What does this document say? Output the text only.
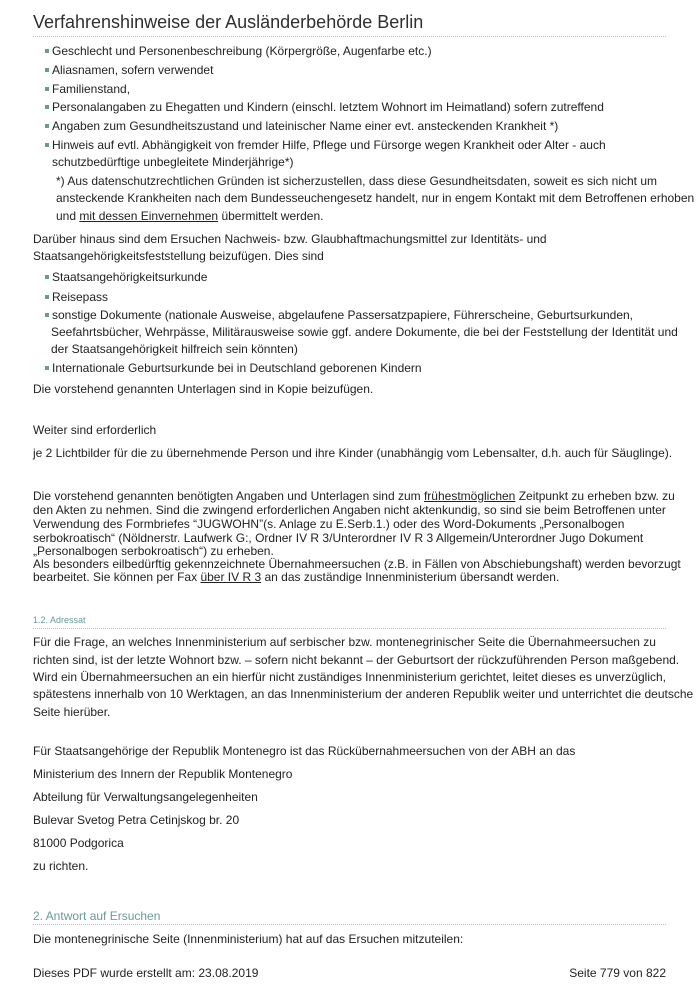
Verfahrenshinweise der Ausländerbehörde Berlin
Geschlecht und Personenbeschreibung (Körpergröße, Augenfarbe etc.)
Aliasnamen, sofern verwendet
Familienstand,
Personalangaben zu Ehegatten und Kindern (einschl. letztem Wohnort im Heimatland) sofern zutreffend
Angaben zum Gesundheitszustand und lateinischer Name einer evt. ansteckenden Krankheit *)
Hinweis auf evtl. Abhängigkeit von fremder Hilfe, Pflege und Fürsorge wegen Krankheit oder Alter - auch
schutzbedürftige unbegleitete Minderjährige*)
*) Aus datenschutzrechtlichen Gründen ist sicherzustellen, dass diese Gesundheitsdaten, soweit es sich nicht um
ansteckende Krankheiten nach dem Bundesseuchengesetz handelt, nur in engem Kontakt mit dem Betroffenen erhoben
und mit dessen Einvernehmen übermittelt werden.
Darüber hinaus sind dem Ersuchen Nachweis- bzw. Glaubhaftmachungsmittel zur Identitäts- und
Staatsangehörigkeitsfeststellung beizufügen. Dies sind
Staatsangehörigkeitsurkunde
Reisepass
sonstige Dokumente (nationale Ausweise, abgelaufene Passersatzpapiere, Führerscheine, Geburtsurkunden,
Seefahrtsbücher, Wehrpässe, Militärausweise sowie ggf. andere Dokumente, die bei der Feststellung der Identität und
der Staatsangehörigkeit hilfreich sein könnten)
Internationale Geburtsurkunde bei in Deutschland geborenen Kindern
Die vorstehend genannten Unterlagen sind in Kopie beizufügen.
Weiter sind erforderlich
je 2 Lichtbilder für die zu übernehmende Person und ihre Kinder (unabhängig vom Lebensalter, d.h. auch für Säuglinge).
Die vorstehend genannten benötigten Angaben und Unterlagen sind zum frühestmöglichen Zeitpunkt zu erheben bzw. zu
den Akten zu nehmen. Sind die zwingend erforderlichen Angaben nicht aktenkundig, so sind sie beim Betroffenen unter
Verwendung des Formbriefes “JUGWOHN”(s. Anlage zu E.Serb.1.) oder des Word-Dokuments „Personalbogen
serbokroatisch“ (Nöldnerstr. Laufwerk G:, Ordner IV R 3/Unterordner IV R 3 Allgemein/Unterordner Jugo Dokument
„Personalbogen serbokroatisch“) zu erheben.
Als besonders eilbedürftig gekennzeichnete Übernahmeersuchen (z.B. in Fällen von Abschiebungshaft) werden bevorzugt
bearbeitet. Sie können per Fax über IV R 3 an das zuständige Innenministerium übersandt werden.
1.2. Adressat
Für die Frage, an welches Innenministerium auf serbischer bzw. montenegrinischer Seite die Übernahmeersuchen zu
richten sind, ist der letzte Wohnort bzw. – sofern nicht bekannt – der Geburtsort der rückzuführenden Person maßgebend.
Wird ein Übernahmeersuchen an ein hierfür nicht zuständiges Innenministerium gerichtet, leitet dieses es unverzüglich,
spätestens innerhalb von 10 Werktagen, an das Innenministerium der anderen Republik weiter und unterrichtet die deutsche
Seite hierüber.
Für Staatsangehörige der Republik Montenegro ist das Rückübernahmeersuchen von der ABH an das
Ministerium des Innern der Republik Montenegro
Abteilung für Verwaltungsangelegenheiten
Bulevar Svetog Petra Cetinjskog br. 20
81000 Podgorica
zu richten.
2. Antwort auf Ersuchen
Die montenegrinische Seite (Innenministerium) hat auf das Ersuchen mitzuteilen:
Dieses PDF wurde erstellt am: 23.08.2019	Seite 779 von 822
